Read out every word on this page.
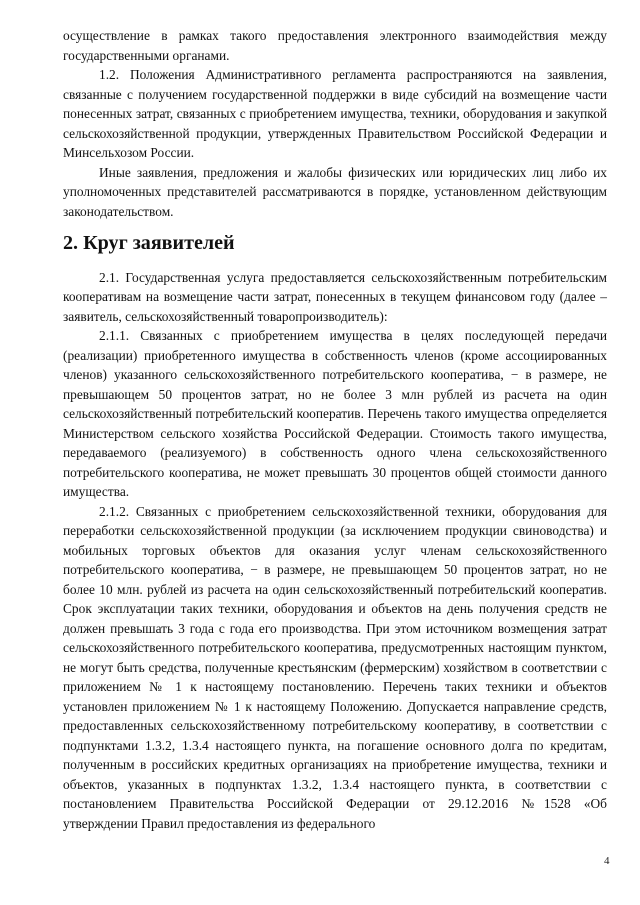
осуществление в рамках такого предоставления электронного взаимодействия между государственными органами.

1.2. Положения Административного регламента распространяются на заявления, связанные с получением государственной поддержки в виде субсидий на возмещение части понесенных затрат, связанных с приобретением имущества, техники, оборудования и закупкой сельскохозяйственной продукции, утвержденных Правительством Российской Федерации и Минсельхозом России.

Иные заявления, предложения и жалобы физических или юридических лиц либо их уполномоченных представителей рассматриваются в порядке, установленном действующим законодательством.

2. Круг заявителей

2.1. Государственная услуга предоставляется сельскохозяйственным потребительским кооперативам на возмещение части затрат, понесенных в текущем финансовом году (далее – заявитель, сельскохозяйственный товаропроизводитель):

2.1.1. Связанных с приобретением имущества в целях последующей передачи (реализации) приобретенного имущества в собственность членов (кроме ассоциированных членов) указанного сельскохозяйственного потребительского кооператива, − в размере, не превышающем 50 процентов затрат, но не более 3 млн рублей из расчета на один сельскохозяйственный потребительский кооператив. Перечень такого имущества определяется Министерством сельского хозяйства Российской Федерации. Стоимость такого имущества, передаваемого (реализуемого) в собственность одного члена сельскохозяйственного потребительского кооператива, не может превышать 30 процентов общей стоимости данного имущества.

2.1.2. Связанных с приобретением сельскохозяйственной техники, оборудования для переработки сельскохозяйственной продукции (за исключением продукции свиноводства) и мобильных торговых объектов для оказания услуг членам сельскохозяйственного потребительского кооператива, − в размере, не превышающем 50 процентов затрат, но не более 10 млн. рублей из расчета на один сельскохозяйственный потребительский кооператив. Срок эксплуатации таких техники, оборудования и объектов на день получения средств не должен превышать 3 года с года его производства. При этом источником возмещения затрат сельскохозяйственного потребительского кооператива, предусмотренных настоящим пунктом, не могут быть средства, полученные крестьянским (фермерским) хозяйством в соответствии с приложением № 1 к настоящему постановлению. Перечень таких техники и объектов установлен приложением № 1 к настоящему Положению. Допускается направление средств, предоставленных сельскохозяйственному потребительскому кооперативу, в соответствии с подпунктами 1.3.2, 1.3.4 настоящего пункта, на погашение основного долга по кредитам, полученным в российских кредитных организациях на приобретение имущества, техники и объектов, указанных в подпунктах 1.3.2, 1.3.4 настоящего пункта, в соответствии с постановлением Правительства Российской Федерации от 29.12.2016 №1528 «Об утверждении Правил предоставления из федерального

4
